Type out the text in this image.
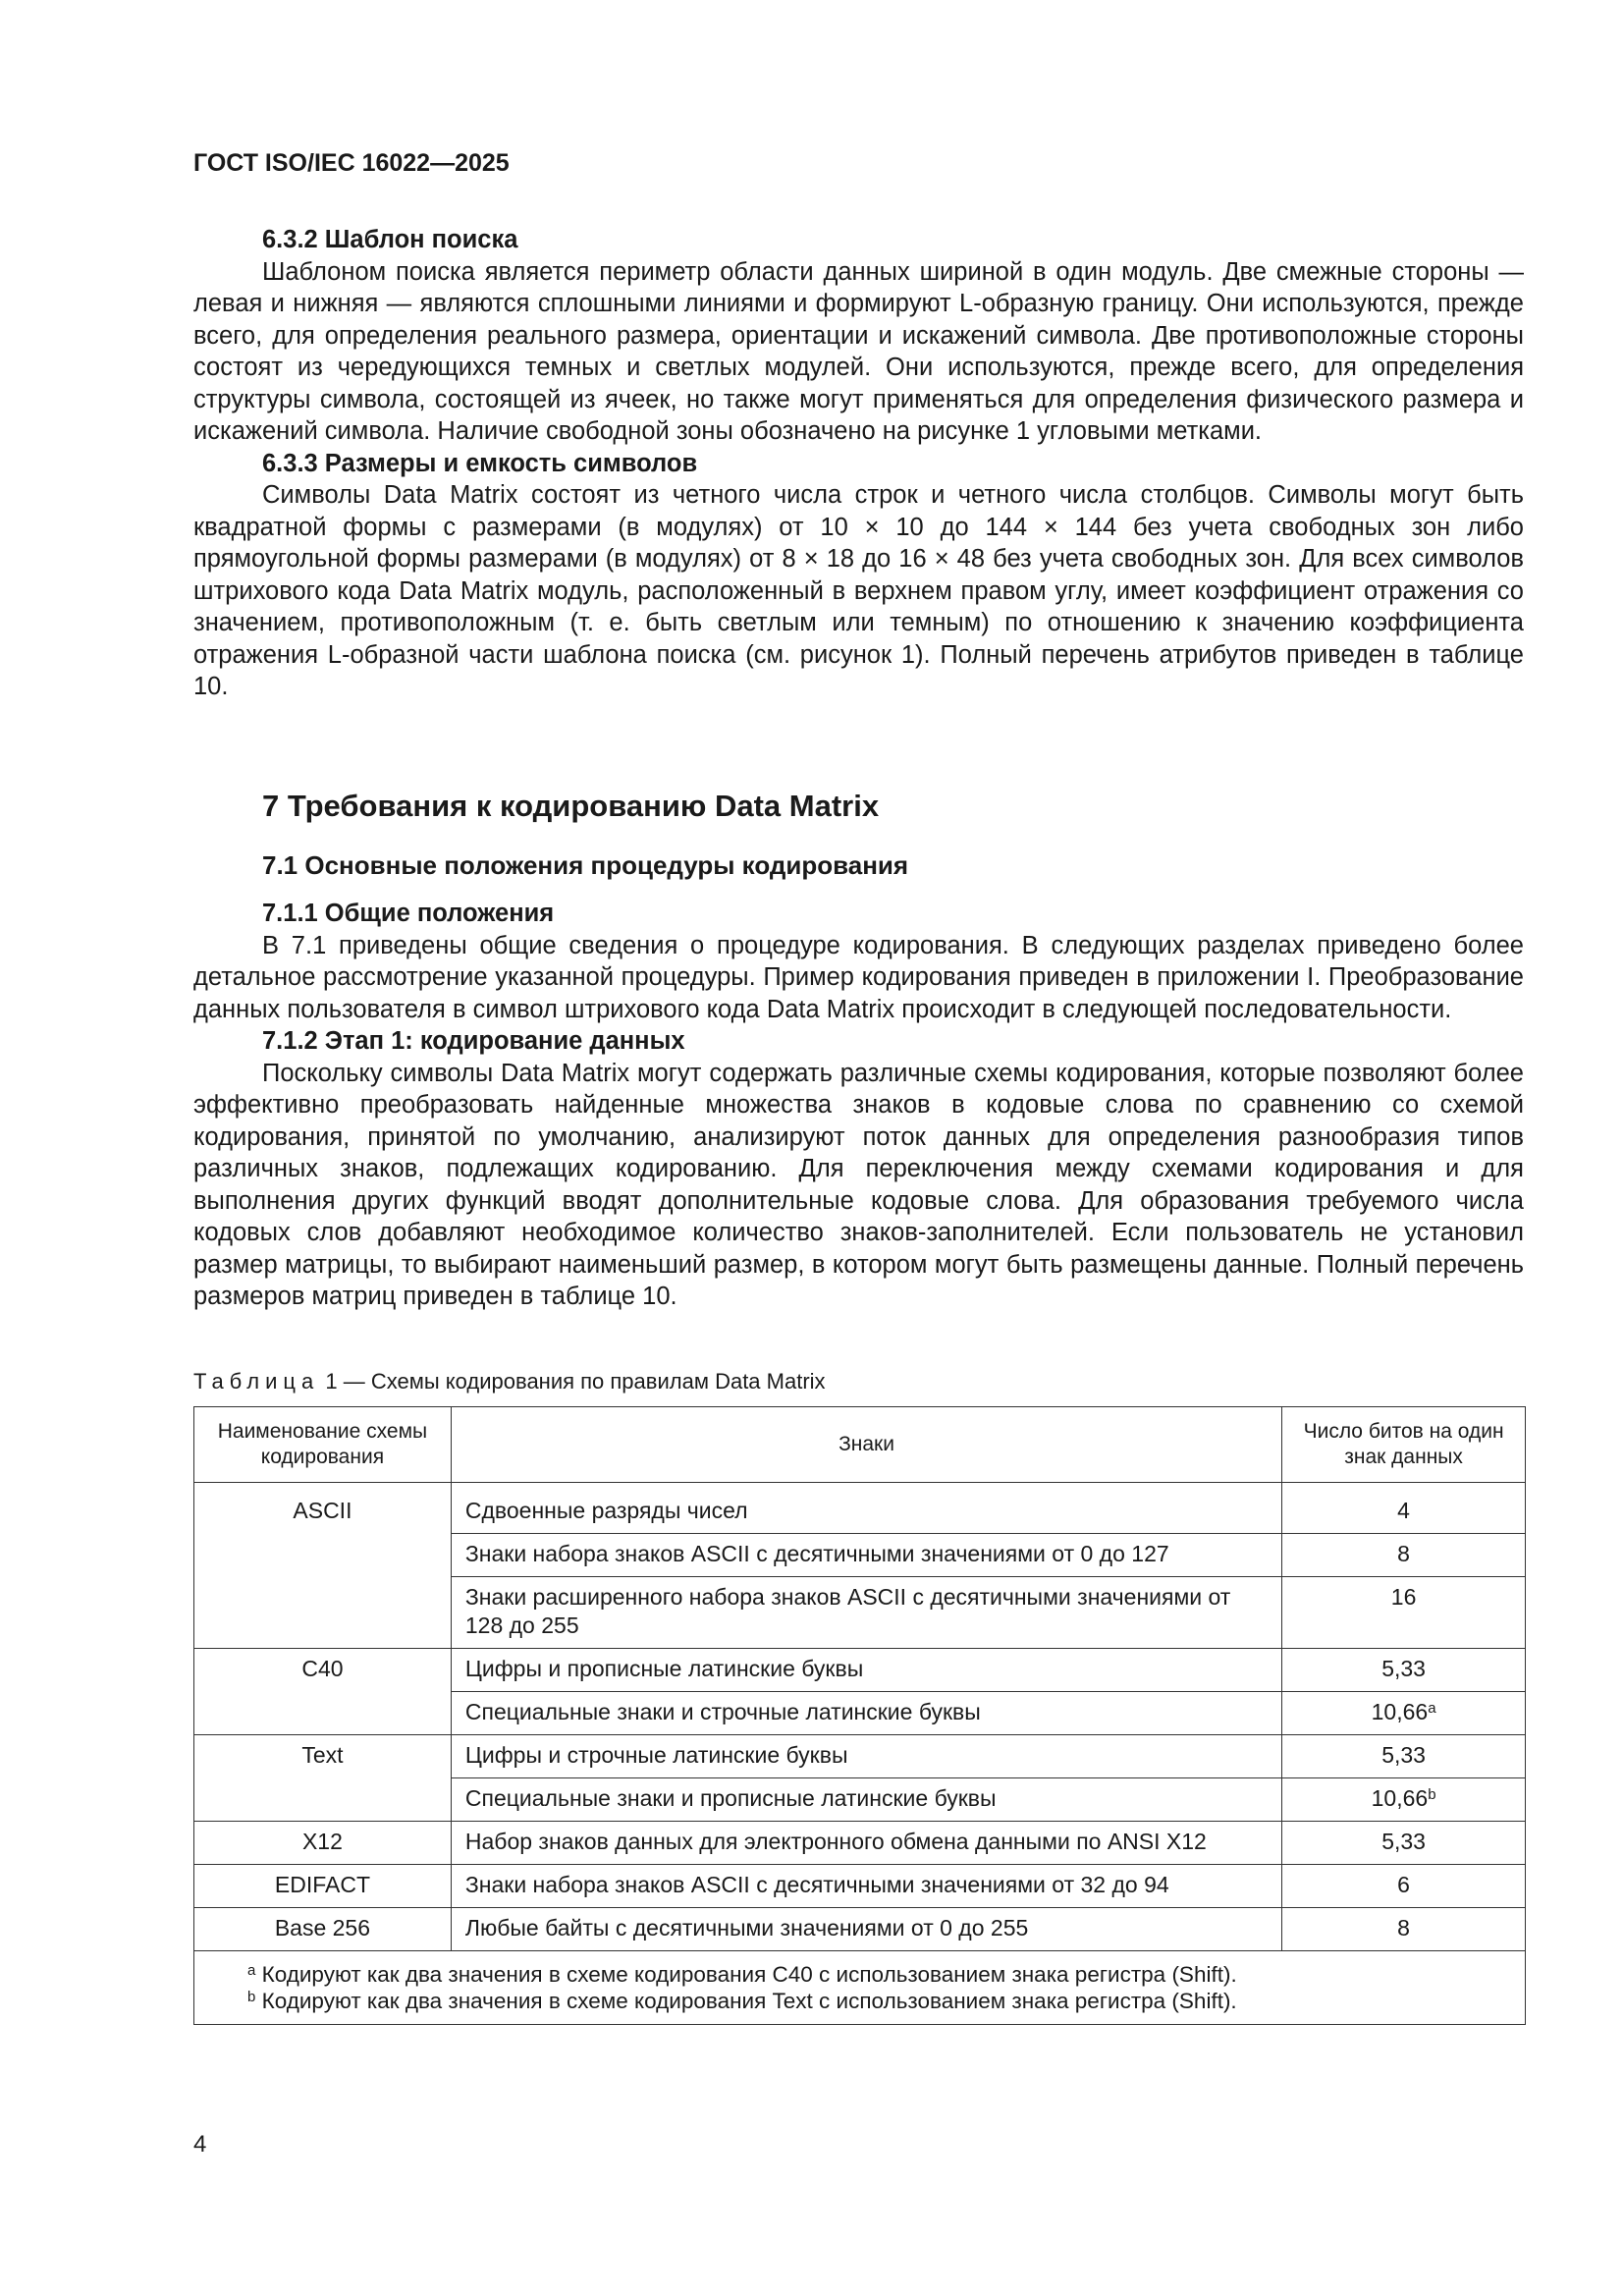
ГОСТ ISO/IEC 16022—2025
6.3.2 Шаблон поиска

Шаблоном поиска является периметр области данных шириной в один модуль. Две смежные стороны — левая и нижняя — являются сплошными линиями и формируют L-образную границу. Они используются, прежде всего, для определения реального размера, ориентации и искажений символа. Две противоположные стороны состоят из чередующихся темных и светлых модулей. Они используются, прежде всего, для определения структуры символа, состоящей из ячеек, но также могут применяться для определения физического размера и искажений символа. Наличие свободной зоны обозначено на рисунке 1 угловыми метками.

6.3.3 Размеры и емкость символов

Символы Data Matrix состоят из четного числа строк и четного числа столбцов. Символы могут быть квадратной формы с размерами (в модулях) от 10 × 10 до 144 × 144 без учета свободных зон либо прямоугольной формы размерами (в модулях) от 8 × 18 до 16 × 48 без учета свободных зон. Для всех символов штрихового кода Data Matrix модуль, расположенный в верхнем правом углу, имеет коэффициент отражения со значением, противоположным (т. е. быть светлым или темным) по отношению к значению коэффициента отражения L-образной части шаблона поиска (см. рисунок 1). Полный перечень атрибутов приведен в таблице 10.

7 Требования к кодированию Data Matrix
7.1 Основные положения процедуры кодирования
7.1.1 Общие положения

В 7.1 приведены общие сведения о процедуре кодирования. В следующих разделах приведено более детальное рассмотрение указанной процедуры. Пример кодирования приведен в приложении I. Преобразование данных пользователя в символ штрихового кода Data Matrix происходит в следующей последовательности.

7.1.2 Этап 1: кодирование данных

Поскольку символы Data Matrix могут содержать различные схемы кодирования, которые позволяют более эффективно преобразовать найденные множества знаков в кодовые слова по сравнению со схемой кодирования, принятой по умолчанию, анализируют поток данных для определения разнообразия типов различных знаков, подлежащих кодированию. Для переключения между схемами кодирования и для выполнения других функций вводят дополнительные кодовые слова. Для образования требуемого числа кодовых слов добавляют необходимое количество знаков-заполнителей. Если пользователь не установил размер матрицы, то выбирают наименьший размер, в котором могут быть размещены данные. Полный перечень размеров матриц приведен в таблице 10.

Таблица 1 — Схемы кодирования по правилам Data Matrix
Наименование схемы кодирования	Знаки	Число битов на один знак данных
ASCII	Сдвоенные разряды чисел	4
	Знаки набора знаков ASCII с десятичными значениями от 0 до 127	8
	Знаки расширенного набора знаков ASCII с десятичными значениями от 128 до 255	16
C40	Цифры и прописные латинские буквы	5,33
	Специальные знаки и строчные латинские буквы	10,66$^a$
Text	Цифры и строчные латинские буквы	5,33
	Специальные знаки и прописные латинские буквы	10,66$^b$
X12	Набор знаков данных для электронного обмена данными по ANSI X12	5,33
EDIFACT	Знаки набора знаков ASCII с десятичными значениями от 32 до 94	6
Base 256	Любые байты с десятичными значениями от 0 до 255	8

$^a$ Кодируют как два значения в схеме кодирования C40 с использованием знака регистра (Shift).
$^b$ Кодируют как два значения в схеме кодирования Text с использованием знака регистра (Shift).		
4
